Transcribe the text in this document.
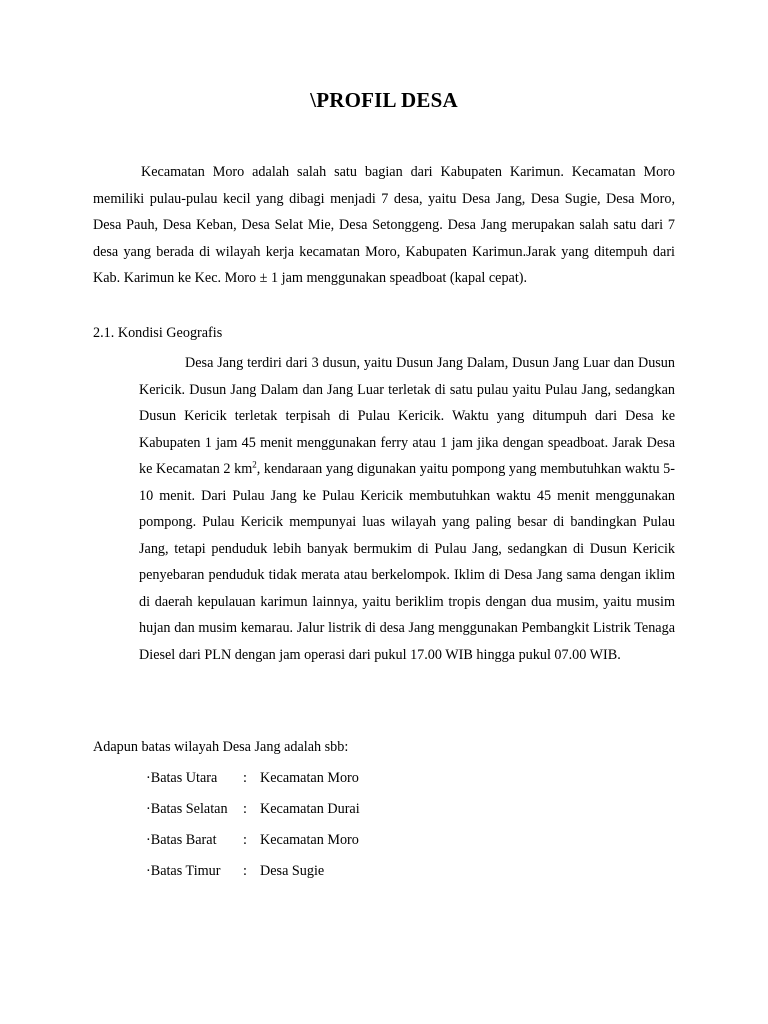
\PROFIL DESA

Kecamatan Moro adalah salah satu bagian dari Kabupaten Karimun. Kecamatan Moro memiliki pulau-pulau kecil yang dibagi menjadi 7 desa, yaitu Desa Jang, Desa Sugie, Desa Moro, Desa Pauh, Desa Keban, Desa Selat Mie, Desa Setonggeng. Desa Jang merupakan salah satu dari 7 desa yang berada di wilayah kerja kecamatan Moro, Kabupaten Karimun.Jarak yang ditempuh dari Kab. Karimun ke Kec. Moro ± 1 jam menggunakan speadboat (kapal cepat).

2.1. Kondisi Geografis

Desa Jang terdiri dari 3 dusun, yaitu Dusun Jang Dalam, Dusun Jang Luar dan Dusun Kericik. Dusun Jang Dalam dan Jang Luar terletak di satu pulau yaitu Pulau Jang, sedangkan Dusun Kericik terletak terpisah di Pulau Kericik. Waktu yang ditumpuh dari Desa ke Kabupaten 1 jam 45 menit menggunakan ferry atau 1 jam jika dengan speadboat. Jarak Desa ke Kecamatan 2 $km^2$, kendaraan yang digunakan yaitu pompong yang membutuhkan waktu 5-10 menit. Dari Pulau Jang ke Pulau Kericik membutuhkan waktu 45 menit menggunakan pompong. Pulau Kericik mempunyai luas wilayah yang paling besar di bandingkan Pulau Jang, tetapi penduduk lebih banyak bermukim di Pulau Jang, sedangkan di Dusun Kericik penyebaran penduduk tidak merata atau berkelompok. Iklim di Desa Jang sama dengan iklim di daerah kepulauan karimun lainnya, yaitu beriklim tropis dengan dua musim, yaitu musim hujan dan musim kemarau. Jalur listrik di desa Jang menggunakan Pembangkit Listrik Tenaga Diesel dari PLN dengan jam operasi dari pukul 17.00 WIB hingga pukul 07.00 WIB.

Adapun batas wilayah Desa Jang adalah sbb:

·Batas Utara : Kecamatan Moro
·Batas Selatan : Kecamatan Durai
·Batas Barat : Kecamatan Moro
·Batas Timur : Desa Sugie
